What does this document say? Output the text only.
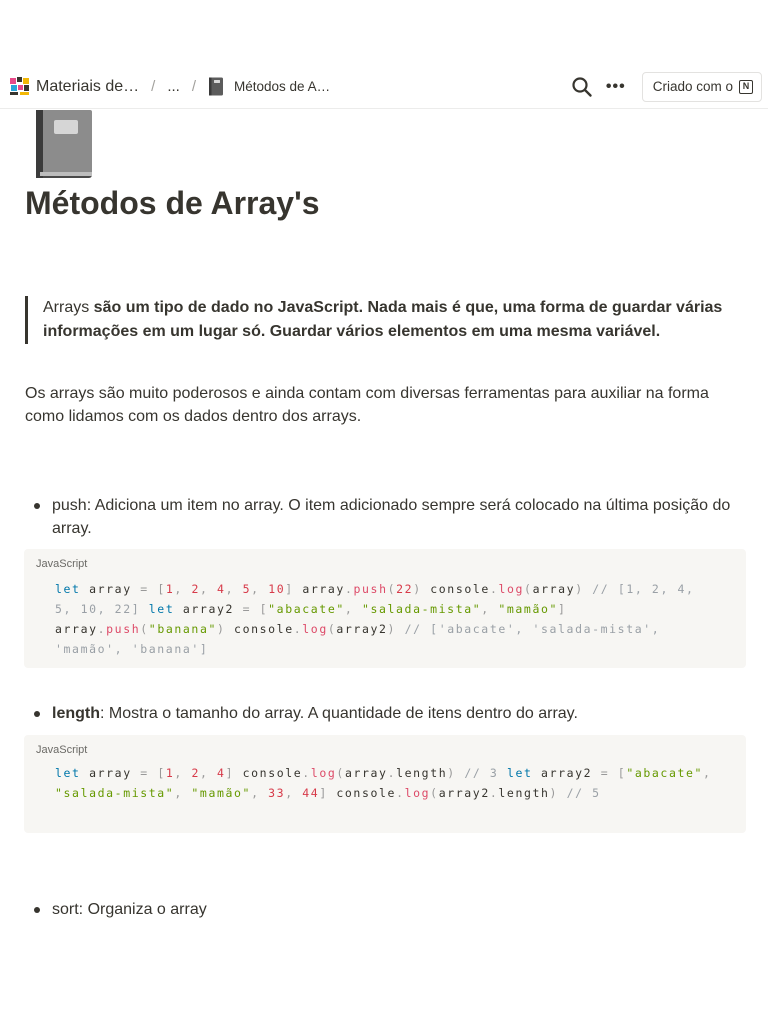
Materiais de… / ... /	Métodos de A…	••• Criado com o	N
Métodos de Array's
Arrays são um tipo de dado no JavaScript. Nada mais é que, uma forma de guardar várias informações em um lugar só. Guardar vários elementos em uma mesma variável.

Os arrays são muito poderosos e ainda contam com diversas ferramentas para auxiliar na forma como lidamos com os dados dentro dos arrays.

push: Adiciona um item no array. O item adicionado sempre será colocado na última posição do array.
JavaScript
let array = [1, 2, 4, 5, 10] array.push(22) console.log(array) // [1, 2, 4, 5, 10, 22] let array2 = ["abacate", "salada-mista", "mamão"] array.push("banana") console.log(array2) // ['abacate', 'salada-mista', 'mamão', 'banana']
length: Mostra o tamanho do array. A quantidade de itens dentro do array.
JavaScript
let array = [1, 2, 4] console.log(array.length) // 3 let array2 = ["abacate", "salada-mista", "mamão", 33, 44] console.log(array2.length) // 5
sort: Organiza o array
